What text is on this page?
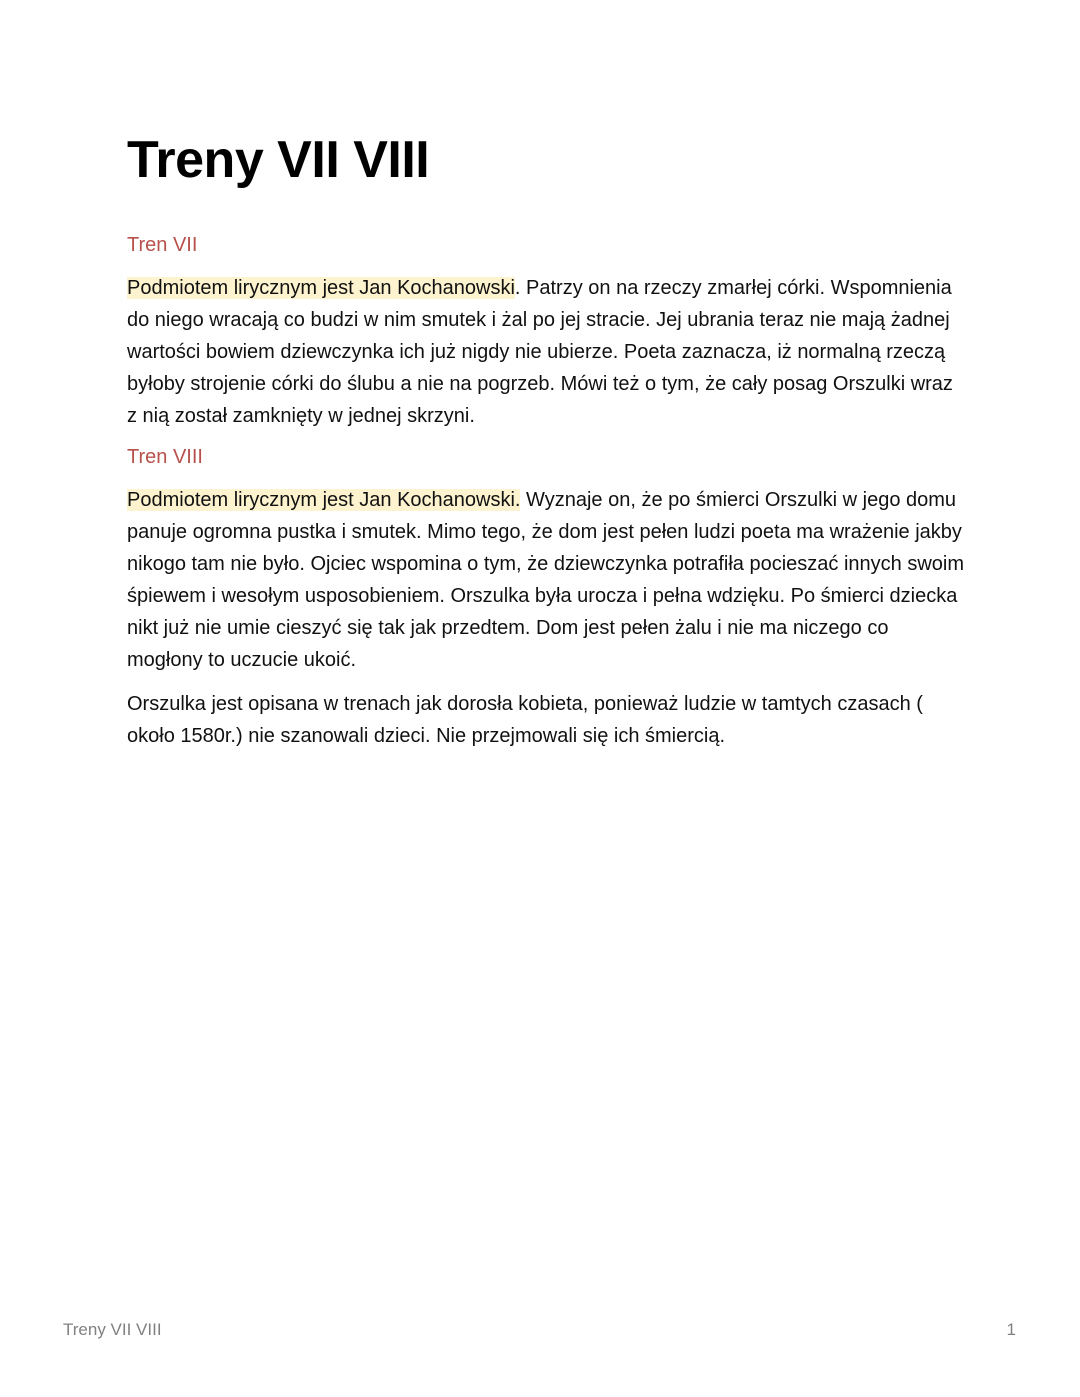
Treny VII VIII
Tren VII

Podmiotem lirycznym jest Jan Kochanowski. Patrzy on na rzeczy zmarłej córki. Wspomnienia do niego wracają co budzi w nim smutek i żal po jej stracie. Jej ubrania teraz nie mają żadnej wartości bowiem dziewczynka ich już nigdy nie ubierze. Poeta zaznacza, iż normalną rzeczą byłoby strojenie córki do ślubu a nie na pogrzeb. Mówi też o tym, że cały posag Orszulki wraz z nią został zamknięty w jednej skrzyni.

Tren VIII

Podmiotem lirycznym jest Jan Kochanowski. Wyznaje on, że po śmierci Orszulki w jego domu panuje ogromna pustka i smutek. Mimo tego, że dom jest pełen ludzi poeta ma wrażenie jakby nikogo tam nie było. Ojciec wspomina o tym, że dziewczynka potrafiła pocieszać innych swoim śpiewem i wesołym usposobieniem. Orszulka była urocza i pełna wdzięku. Po śmierci dziecka nikt już nie umie cieszyć się tak jak przedtem. Dom jest pełen żalu i nie ma niczego co mogłony to uczucie ukoić.

Orszulka jest opisana w trenach jak dorosła kobieta, ponieważ ludzie w tamtych czasach ( około 1580r.) nie szanowali dzieci. Nie przejmowali się ich śmiercią.

Treny VII VIII	1
